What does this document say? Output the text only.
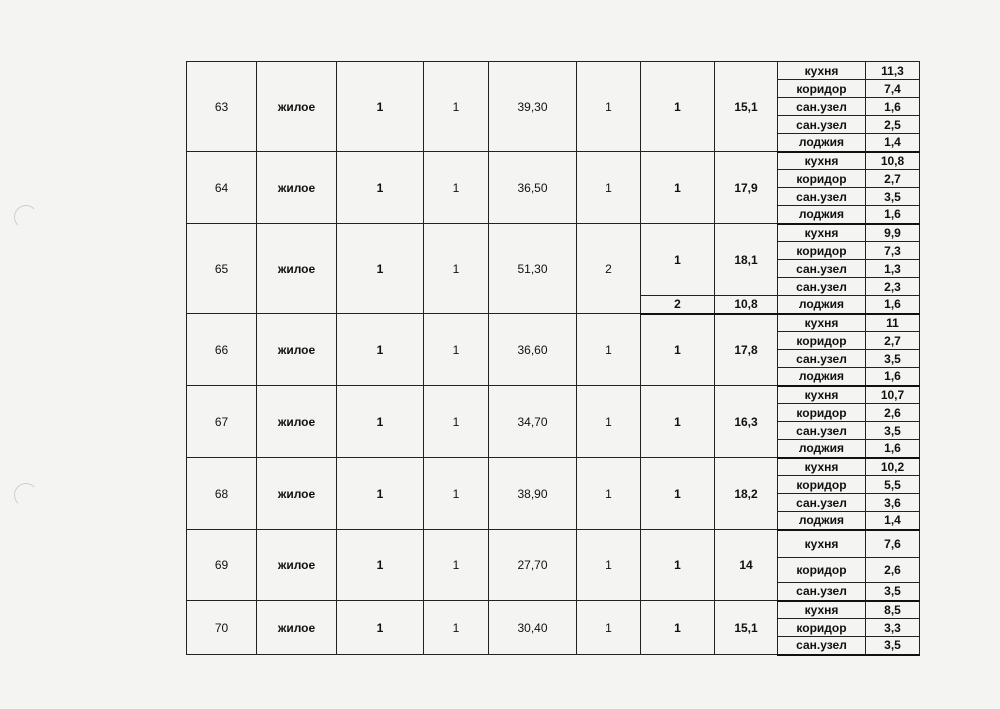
63	жилое	1	1	39,30	1	1	15,1	кухня	11,3
								коридор	7,4
								сан.узел	1,6
								сан.узел	2,5
								лоджия	1,4
64	жилое	1	1	36,50	1	1	17,9	кухня	10,8
								коридор	2,7
								сан.узел	3,5
								лоджия	1,6
65	жилое	1	1	51,30	2	1	18,1	кухня	9,9
								коридор	7,3
								сан.узел	1,3
								сан.узел	2,3
						2	10,8	лоджия	1,6
66	жилое	1	1	36,60	1	1	17,8	кухня	11
								коридор	2,7
								сан.узел	3,5
								лоджия	1,6
67	жилое	1	1	34,70	1	1	16,3	кухня	10,7
								коридор	2,6
								сан.узел	3,5
								лоджия	1,6
68	жилое	1	1	38,90	1	1	18,2	кухня	10,2
								коридор	5,5
								сан.узел	3,6
								лоджия	1,4
69	жилое	1	1	27,70	1	1	14	кухня	7,6
								коридор	2,6
								сан.узел	3,5
70	жилое	1	1	30,40	1	1	15,1	кухня	8,5
								коридор	3,3
								сан.узел	3,5
